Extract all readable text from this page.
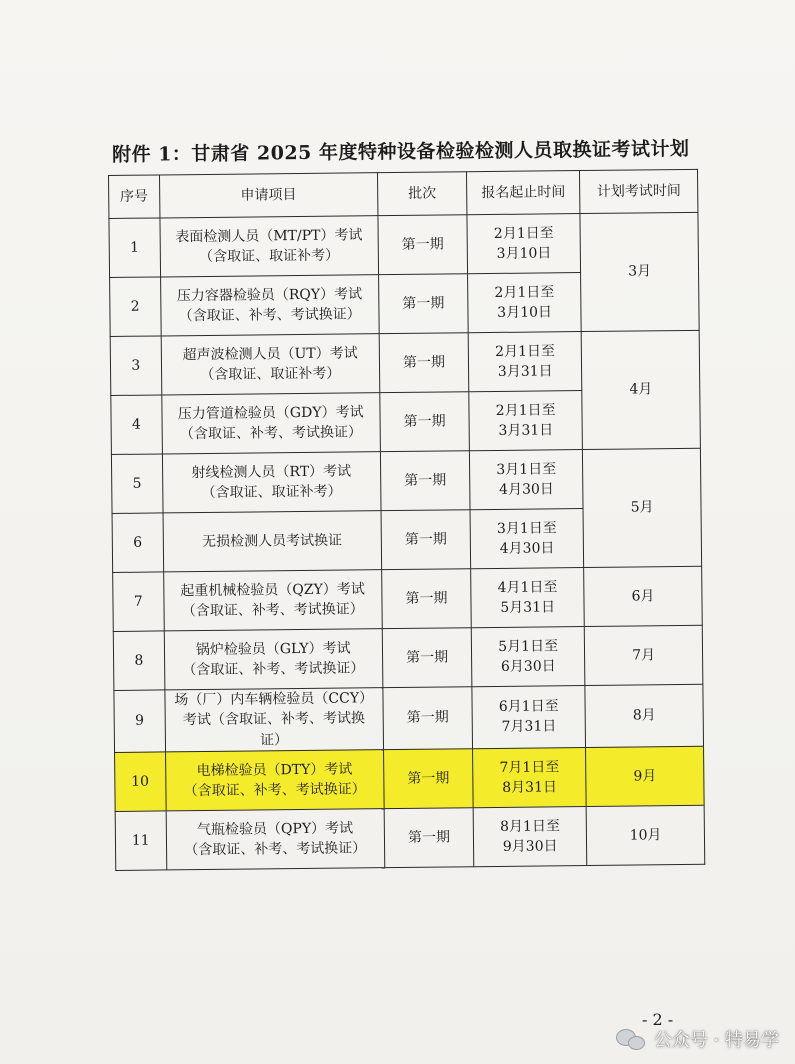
附件 1：甘肃省 2025 年度特种设备检验检测人员取换证考试计划
序号	申请项目	批次	报名起止时间	计划考试时间
1	表面检测人员（MT/PT）考试
（含取证、取证补考）	第一期	2月1日至
3月10日	3月
2	压力容器检验员（RQY）考试
（含取证、补考、考试换证）	第一期	2月1日至
3月10日	

3	超声波检测人员（UT）考试
（含取证、取证补考）	第一期	2月1日至
3月31日	4月
4	压力管道检验员（GDY）考试
（含取证、补考、考试换证）	第一期	2月1日至
3月31日	

5	射线检测人员（RT）考试
（含取证、取证补考）	第一期	3月1日至
4月30日	5月
6	无损检测人员考试换证	第一期	3月1日至
4月30日	

7	起重机械检验员（QZY）考试
（含取证、补考、考试换证）	第一期	4月1日至
5月31日	6月
8	锅炉检验员（GLY）考试
（含取证、补考、考试换证）	第一期	5月1日至
6月30日	7月
9	场（厂）内车辆检验员（CCY）
考试（含取证、补考、考试换
证）	第一期	6月1日至
7月31日	8月
10	电梯检验员（DTY）考试
（含取证、补考、考试换证）	第一期	7月1日至
8月31日	9月
11	气瓶检验员（QPY）考试
（含取证、补考、考试换证）	第一期	8月1日至
9月30日	10月
- 2 -
公众号 · 特易学
